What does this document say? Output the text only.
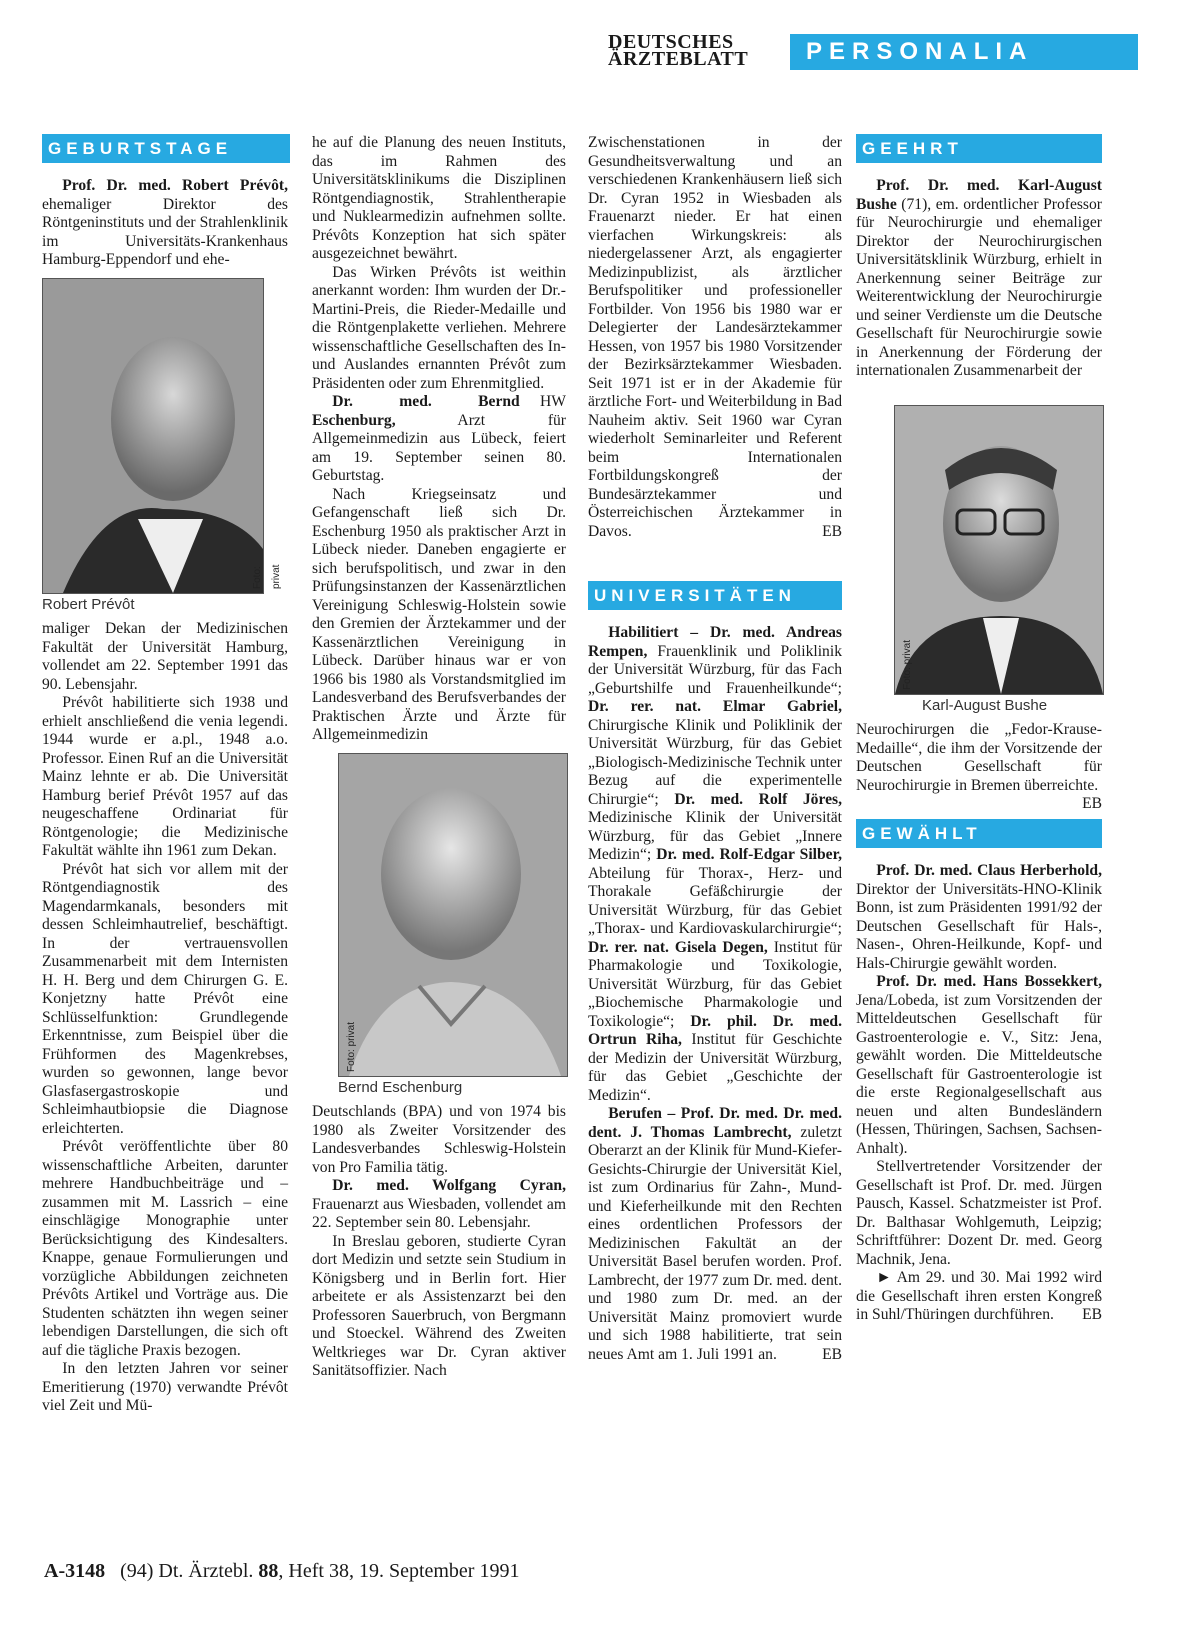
DEUTSCHES
ÄRZTEBLATT	PERSONALIA
GEBURTSTAGE

Prof. Dr. med. Robert Prévôt, ehemaliger Direktor des Röntgeninstituts und der Strahlenklinik im Universitäts-Krankenhaus Hamburg-Eppendorf und ehe-

Foto: privat
Robert Prévôt

maliger Dekan der Medizinischen Fakultät der Universität Hamburg, vollendet am 22. September 1991 das 90. Lebensjahr.

Prévôt habilitierte sich 1938 und erhielt anschließend die venia legendi. 1944 wurde er a.pl., 1948 a.o. Professor. Einen Ruf an die Universität Mainz lehnte er ab. Die Universität Hamburg berief Prévôt 1957 auf das neugeschaffene Ordinariat für Röntgenologie; die Medizinische Fakultät wählte ihn 1961 zum Dekan.

Prévôt hat sich vor allem mit der Röntgendiagnostik des Magendarmkanals, besonders mit dessen Schleimhautrelief, beschäftigt. In der vertrauensvollen Zusammenarbeit mit dem Internisten H. H. Berg und dem Chirurgen G. E. Konjetzny hatte Prévôt eine Schlüsselfunktion: Grundlegende Erkenntnisse, zum Beispiel über die Frühformen des Magenkrebses, wurden so gewonnen, lange bevor Glasfasergastroskopie und Schleimhautbiopsie die Diagnose erleichterten.

Prévôt veröffentlichte über 80 wissenschaftliche Arbeiten, darunter mehrere Handbuchbeiträge und – zusammen mit M. Lassrich – eine einschlägige Monographie unter Berücksichtigung des Kindesalters. Knappe, genaue Formulierungen und vorzügliche Abbildungen zeichneten Prévôts Artikel und Vorträge aus. Die Studenten schätzten ihn wegen seiner lebendigen Darstellungen, die sich oft auf die tägliche Praxis bezogen.

In den letzten Jahren vor seiner Emeritierung (1970) verwandte Prévôt viel Zeit und Mü-

he auf die Planung des neuen Instituts, das im Rahmen des Universitätsklinikums die Disziplinen Röntgendiagnostik, Strahlentherapie und Nuklearmedizin aufnehmen sollte. Prévôts Konzeption hat sich später ausgezeichnet bewährt.

Das Wirken Prévôts ist weithin anerkannt worden: Ihm wurden der Dr.-Martini-Preis, die Rieder-Medaille und die Röntgenplakette verliehen. Mehrere wissenschaftliche Gesellschaften des In- und Auslandes ernannten Prévôt zum Präsidenten oder zum Ehrenmitglied.
HW

Dr. med. Bernd Eschenburg, Arzt für Allgemeinmedizin aus Lübeck, feiert am 19. September seinen 80. Geburtstag.

Nach Kriegseinsatz und Gefangenschaft ließ sich Dr. Eschenburg 1950 als praktischer Arzt in Lübeck nieder. Daneben engagierte er sich berufspolitisch, und zwar in den Prüfungsinstanzen der Kassenärztlichen Vereinigung Schleswig-Holstein sowie den Gremien der Ärztekammer und der Kassenärztlichen Vereinigung in Lübeck. Darüber hinaus war er von 1966 bis 1980 als Vorstandsmitglied im Landesverband des Berufsverbandes der Praktischen Ärzte und Ärzte für Allgemeinmedizin

Foto: privat
Bernd Eschenburg

Deutschlands (BPA) und von 1974 bis 1980 als Zweiter Vorsitzender des Landesverbandes Schleswig-Holstein von Pro Familia tätig.

Dr. med. Wolfgang Cyran, Frauenarzt aus Wiesbaden, vollendet am 22. September sein 80. Lebensjahr.

In Breslau geboren, studierte Cyran dort Medizin und setzte sein Studium in Königsberg und in Berlin fort. Hier arbeitete er als Assistenzarzt bei den Professoren Sauerbruch, von Bergmann und Stoeckel. Während des Zweiten Weltkrieges war Dr. Cyran aktiver Sanitätsoffizier. Nach

Zwischenstationen in der Gesundheitsverwaltung und an verschiedenen Krankenhäusern ließ sich Dr. Cyran 1952 in Wiesbaden als Frauenarzt nieder. Er hat einen vierfachen Wirkungskreis: als niedergelassener Arzt, als engagierter Medizinpublizist, als ärztlicher Berufspolitiker und professioneller Fortbilder. Von 1956 bis 1980 war er Delegierter der Landesärztekammer Hessen, von 1957 bis 1980 Vorsitzender der Bezirksärztekammer Wiesbaden. Seit 1971 ist er in der Akademie für ärztliche Fort- und Weiterbildung in Bad Nauheim aktiv. Seit 1960 war Cyran wiederholt Seminarleiter und Referent beim Internationalen Fortbildungskongreß der Bundesärztekammer und Österreichischen Ärztekammer in Davos.	EB

UNIVERSITÄTEN

Habilitiert – Dr. med. Andreas Rempen, Frauenklinik und Poliklinik der Universität Würzburg, für das Fach „Geburtshilfe und Frauenheilkunde“; Dr. rer. nat. Elmar Gabriel, Chirurgische Klinik und Poliklinik der Universität Würzburg, für das Gebiet „Biologisch-Medizinische Technik unter Bezug auf die experimentelle Chirurgie“; Dr. med. Rolf Jöres, Medizinische Klinik der Universität Würzburg, für das Gebiet „Innere Medizin“; Dr. med. Rolf-Edgar Silber, Abteilung für Thorax-, Herz- und Thorakale Gefäßchirurgie der Universität Würzburg, für das Gebiet „Thorax- und Kardiovaskularchirurgie“; Dr. rer. nat. Gisela Degen, Institut für Pharmakologie und Toxikologie, Universität Würzburg, für das Gebiet „Biochemische Pharmakologie und Toxikologie“; Dr. phil. Dr. med. Ortrun Riha, Institut für Geschichte der Medizin der Universität Würzburg, für das Gebiet „Geschichte der Medizin“.

Berufen – Prof. Dr. med. Dr. med. dent. J. Thomas Lambrecht, zuletzt Oberarzt an der Klinik für Mund-Kiefer-Gesichts-Chirurgie der Universität Kiel, ist zum Ordinarius für Zahn-, Mund- und Kieferheilkunde mit den Rechten eines ordentlichen Professors der Medizinischen Fakultät an der Universität Basel berufen worden. Prof. Lambrecht, der 1977 zum Dr. med. dent. und 1980 zum Dr. med. an der Universität Mainz promoviert wurde und sich 1988 habilitierte, trat sein neues Amt am 1. Juli 1991 an.	EB

GEEHRT

Prof. Dr. med. Karl-August Bushe (71), em. ordentlicher Professor für Neurochirurgie und ehemaliger Direktor der Neurochirurgischen Universitätsklinik Würzburg, erhielt in Anerkennung seiner Beiträge zur Weiterentwicklung der Neurochirurgie und seiner Verdienste um die Deutsche Gesellschaft für Neurochirurgie sowie in Anerkennung der Förderung der internationalen Zusammenarbeit der

Foto: privat
Karl-August Bushe

Neurochirurgen die „Fedor-Krause-Medaille“, die ihm der Vorsitzende der Deutschen Gesellschaft für Neurochirurgie in Bremen überreichte.
EB

GEWÄHLT

Prof. Dr. med. Claus Herberhold, Direktor der Universitäts-HNO-Klinik Bonn, ist zum Präsidenten 1991/92 der Deutschen Gesellschaft für Hals-, Nasen-, Ohren-Heilkunde, Kopf- und Hals-Chirurgie gewählt worden.

Prof. Dr. med. Hans Bossekkert, Jena/Lobeda, ist zum Vorsitzenden der Mitteldeutschen Gesellschaft für Gastroenterologie e. V., Sitz: Jena, gewählt worden. Die Mitteldeutsche Gesellschaft für Gastroenterologie ist die erste Regionalgesellschaft aus neuen und alten Bundesländern (Hessen, Thüringen, Sachsen, Sachsen-Anhalt).

Stellvertretender Vorsitzender der Gesellschaft ist Prof. Dr. med. Jürgen Pausch, Kassel. Schatzmeister ist Prof. Dr. Balthasar Wohlgemuth, Leipzig; Schriftführer: Dozent Dr. med. Georg Machnik, Jena.

► Am 29. und 30. Mai 1992 wird die Gesellschaft ihren ersten Kongreß in Suhl/Thüringen durchführen.	EB

A-3148 (94) Dt. Ärztebl. 88, Heft 38, 19. September 1991
